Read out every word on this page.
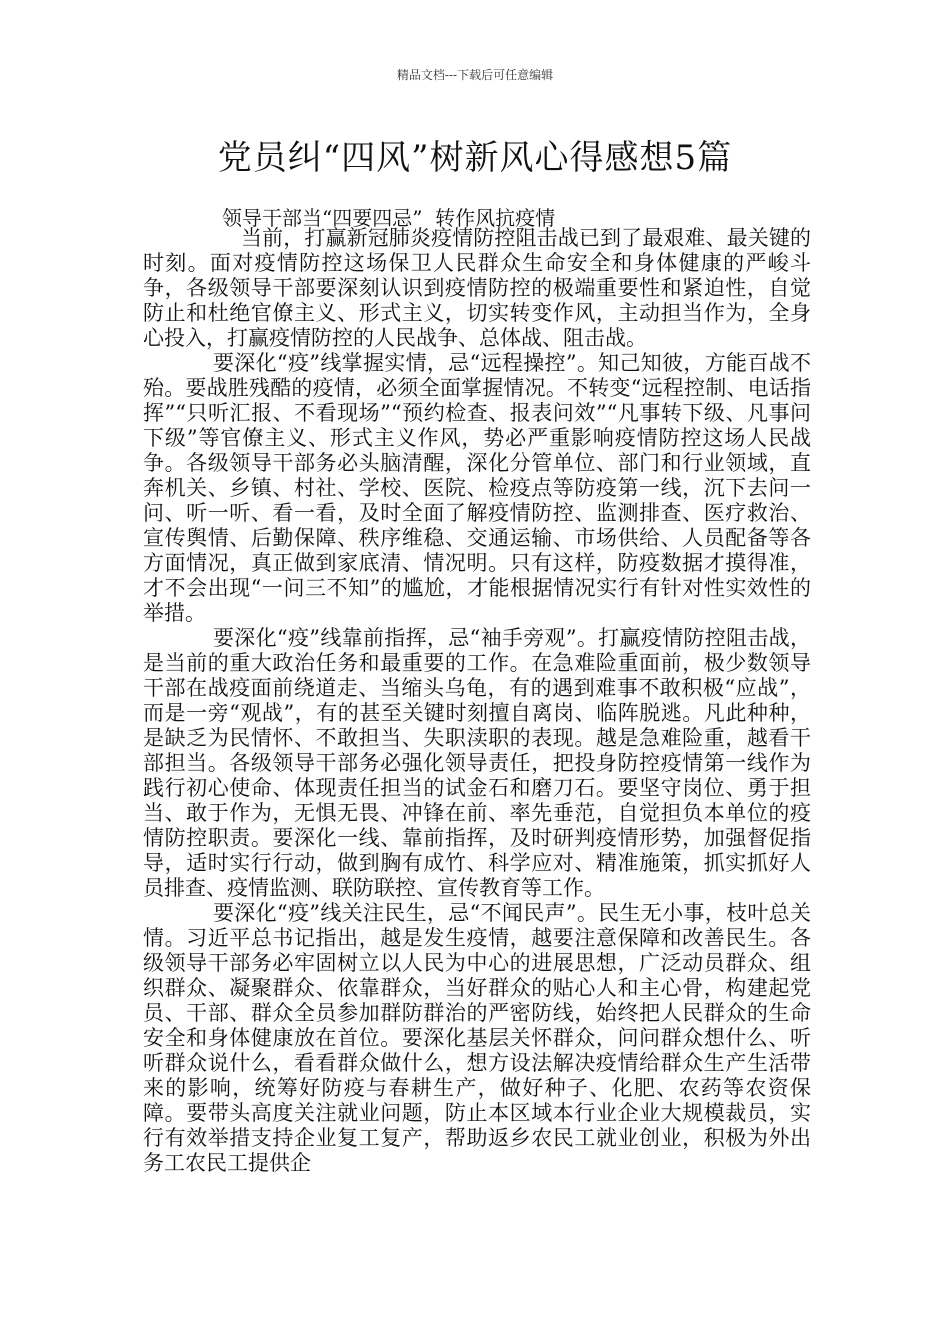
精品文档---下载后可任意编辑
党员纠“四风”树新风心得感想5篇
领导干部当“四要四忌”  转作风抗疫情

当前，打赢新冠肺炎疫情防控阻击战已到了最艰难、最关键的时刻。面对疫情防控这场保卫人民群众生命安全和身体健康的严峻斗争，各级领导干部要深刻认识到疫情防控的极端重要性和紧迫性，自觉防止和杜绝官僚主义、形式主义，切实转变作风，主动担当作为，全身心投入，打赢疫情防控的人民战争、总体战、阻击战。

要深化“疫”线掌握实情，忌“远程操控”。知己知彼，方能百战不殆。要战胜残酷的疫情，必须全面掌握情况。不转变“远程控制、电话指挥”“只听汇报、不看现场”“预约检查、报表问效”“凡事转下级、凡事问下级”等官僚主义、形式主义作风，势必严重影响疫情防控这场人民战争。各级领导干部务必头脑清醒，深化分管单位、部门和行业领域，直奔机关、乡镇、村社、学校、医院、检疫点等防疫第一线，沉下去问一问、听一听、看一看，及时全面了解疫情防控、监测排查、医疗救治、宣传舆情、后勤保障、秩序维稳、交通运输、市场供给、人员配备等各方面情况，真正做到家底清、情况明。只有这样，防疫数据才摸得准，才不会出现“一问三不知”的尴尬，才能根据情况实行有针对性实效性的举措。

要深化“疫”线靠前指挥，忌“袖手旁观”。打赢疫情防控阻击战，是当前的重大政治任务和最重要的工作。在急难险重面前，极少数领导干部在战疫面前绕道走、当缩头乌龟，有的遇到难事不敢积极“应战”，而是一旁“观战”，有的甚至关键时刻擅自离岗、临阵脱逃。凡此种种，是缺乏为民情怀、不敢担当、失职渎职的表现。越是急难险重，越看干部担当。各级领导干部务必强化领导责任，把投身防控疫情第一线作为践行初心使命、体现责任担当的试金石和磨刀石。要坚守岗位、勇于担当、敢于作为，无惧无畏、冲锋在前、率先垂范，自觉担负本单位的疫情防控职责。要深化一线、靠前指挥，及时研判疫情形势，加强督促指导，适时实行行动，做到胸有成竹、科学应对、精准施策，抓实抓好人员排查、疫情监测、联防联控、宣传教育等工作。

要深化“疫”线关注民生，忌“不闻民声”。民生无小事，枝叶总关情。习近平总书记指出，越是发生疫情，越要注意保障和改善民生。各级领导干部务必牢固树立以人民为中心的进展思想，广泛动员群众、组织群众、凝聚群众、依靠群众，当好群众的贴心人和主心骨，构建起党员、干部、群众全员参加群防群治的严密防线，始终把人民群众的生命安全和身体健康放在首位。要深化基层关怀群众，问问群众想什么、听听群众说什么，看看群众做什么，想方设法解决疫情给群众生产生活带来的影响，统筹好防疫与春耕生产，做好种子、化肥、农药等农资保障。要带头高度关注就业问题，防止本区域本行业企业大规模裁员，实行有效举措支持企业复工复产，帮助返乡农民工就业创业，积极为外出务工农民工提供企
